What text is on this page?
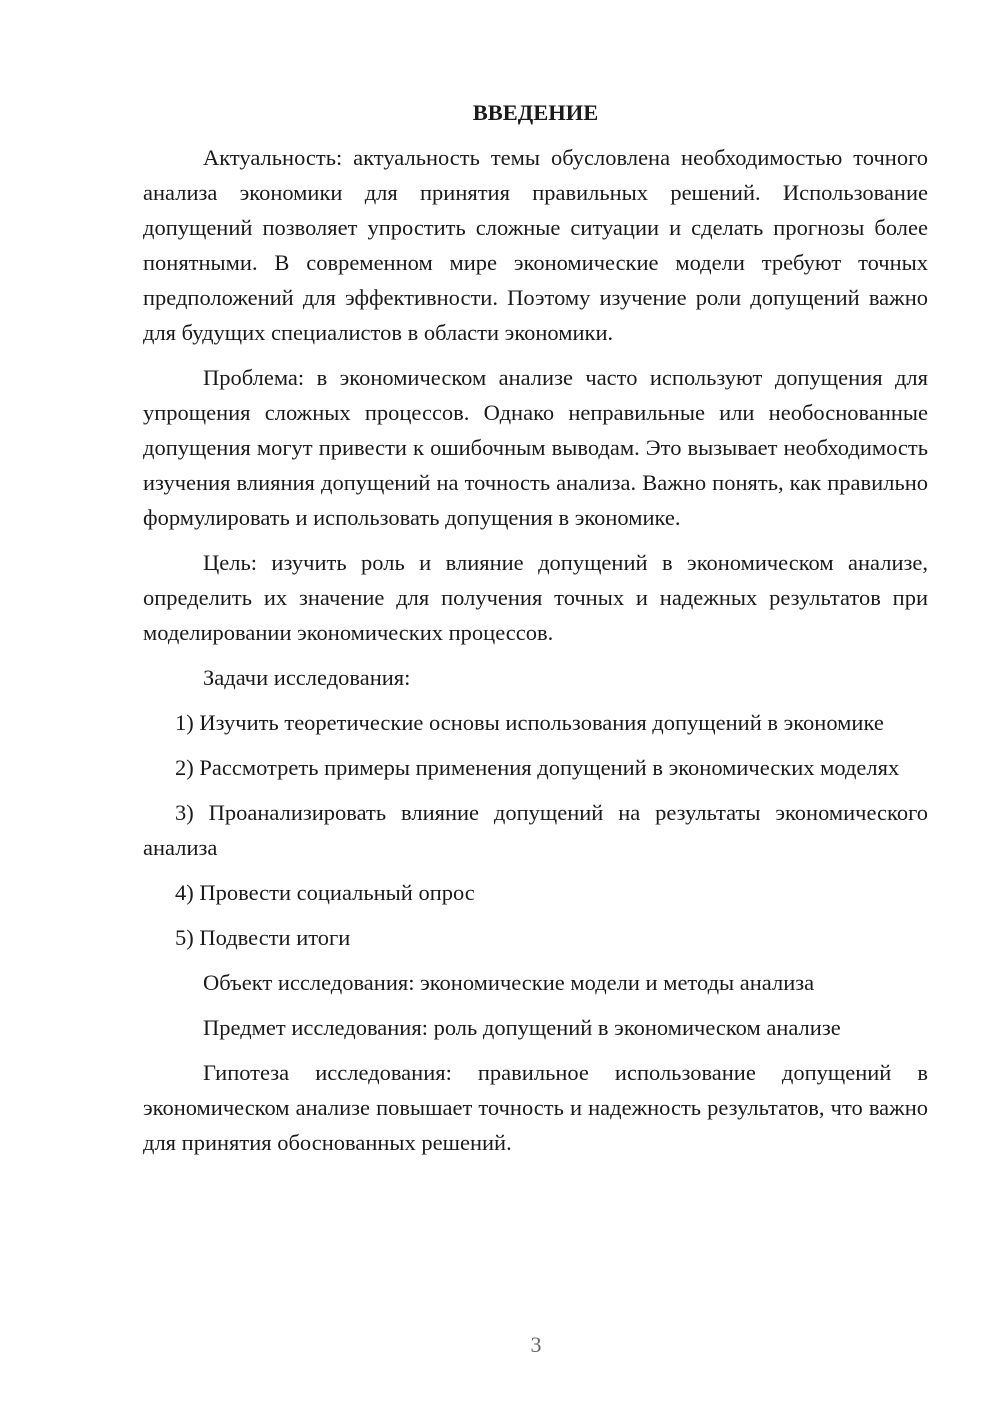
ВВЕДЕНИЕ

Актуальность: актуальность темы обусловлена необходимостью точного анализа экономики для принятия правильных решений. Использование допущений позволяет упростить сложные ситуации и сделать прогнозы более понятными. В современном мире экономические модели требуют точных предположений для эффективности. Поэтому изучение роли допущений важно для будущих специалистов в области экономики.

Проблема: в экономическом анализе часто используют допущения для упрощения сложных процессов. Однако неправильные или необоснованные допущения могут привести к ошибочным выводам. Это вызывает необходимость изучения влияния допущений на точность анализа. Важно понять, как правильно формулировать и использовать допущения в экономике.

Цель: изучить роль и влияние допущений в экономическом анализе, определить их значение для получения точных и надежных результатов при моделировании экономических процессов.

Задачи исследования:

1) Изучить теоретические основы использования допущений в экономике

2) Рассмотреть примеры применения допущений в экономических моделях

3) Проанализировать влияние допущений на результаты экономического анализа

4) Провести социальный опрос

5) Подвести итоги

Объект исследования: экономические модели и методы анализа

Предмет исследования: роль допущений в экономическом анализе

Гипотеза исследования: правильное использование допущений в экономическом анализе повышает точность и надежность результатов, что важно для принятия обоснованных решений.

3
